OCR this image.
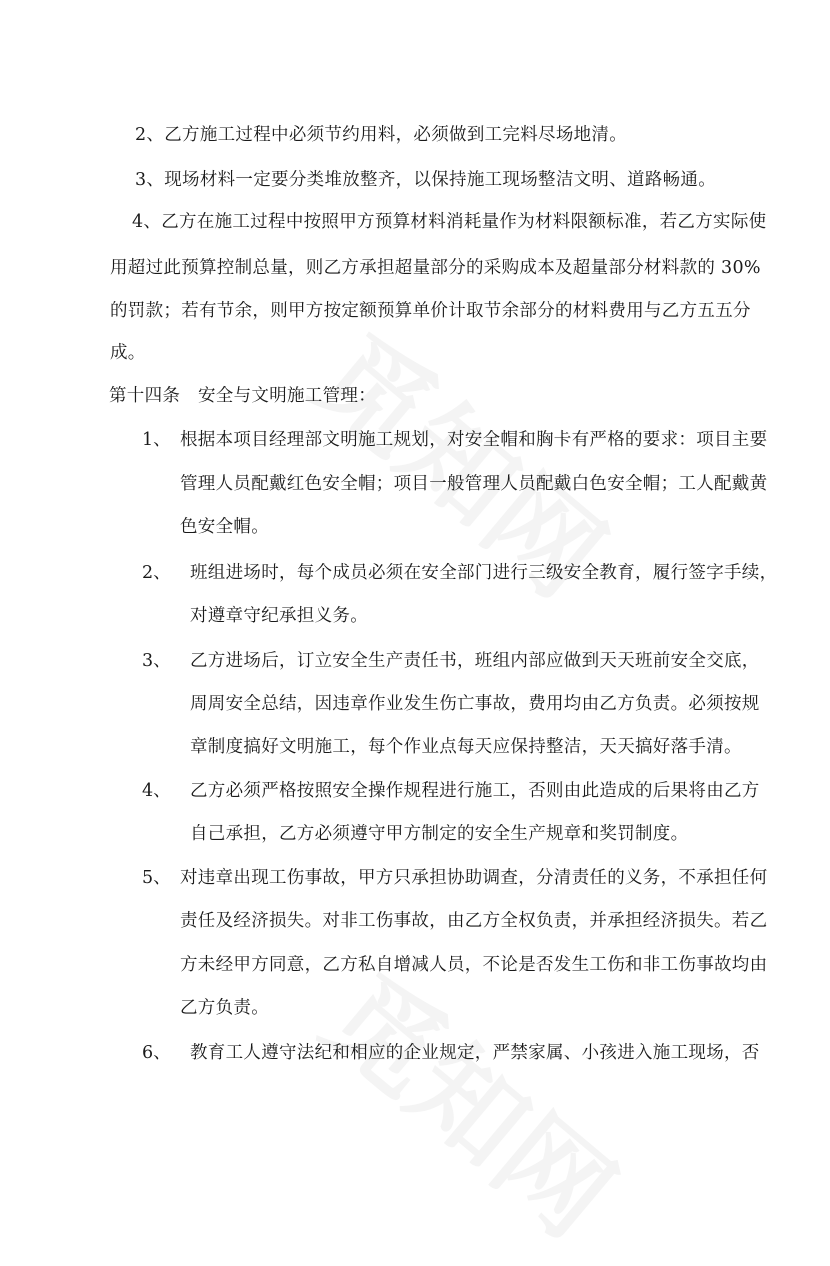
2、乙方施工过程中必须节约用料，必须做到工完料尽场地清。
3、现场材料一定要分类堆放整齐，以保持施工现场整洁文明、道路畅通。
4、乙方在施工过程中按照甲方预算材料消耗量作为材料限额标准，若乙方实际使
用超过此预算控制总量，则乙方承担超量部分的采购成本及超量部分材料款的 30%
的罚款；若有节余，则甲方按定额预算单价计取节余部分的材料费用与乙方五五分
成。
第十四条　安全与文明施工管理：
1、 根据本项目经理部文明施工规划，对安全帽和胸卡有严格的要求：项目主要
管理人员配戴红色安全帽；项目一般管理人员配戴白色安全帽；工人配戴黄
色安全帽。
2、 班组进场时，每个成员必须在安全部门进行三级安全教育，履行签字手续，
对遵章守纪承担义务。
3、 乙方进场后，订立安全生产责任书，班组内部应做到天天班前安全交底，
周周安全总结，因违章作业发生伤亡事故，费用均由乙方负责。必须按规
章制度搞好文明施工，每个作业点每天应保持整洁，天天搞好落手清。
4、 乙方必须严格按照安全操作规程进行施工，否则由此造成的后果将由乙方
自己承担，乙方必须遵守甲方制定的安全生产规章和奖罚制度。
5、 对违章出现工伤事故，甲方只承担协助调查，分清责任的义务，不承担任何
责任及经济损失。对非工伤事故，由乙方全权负责，并承担经济损失。若乙
方未经甲方同意，乙方私自增减人员，不论是否发生工伤和非工伤事故均由
乙方负责。
6、 教育工人遵守法纪和相应的企业规定，严禁家属、小孩进入施工现场，否
